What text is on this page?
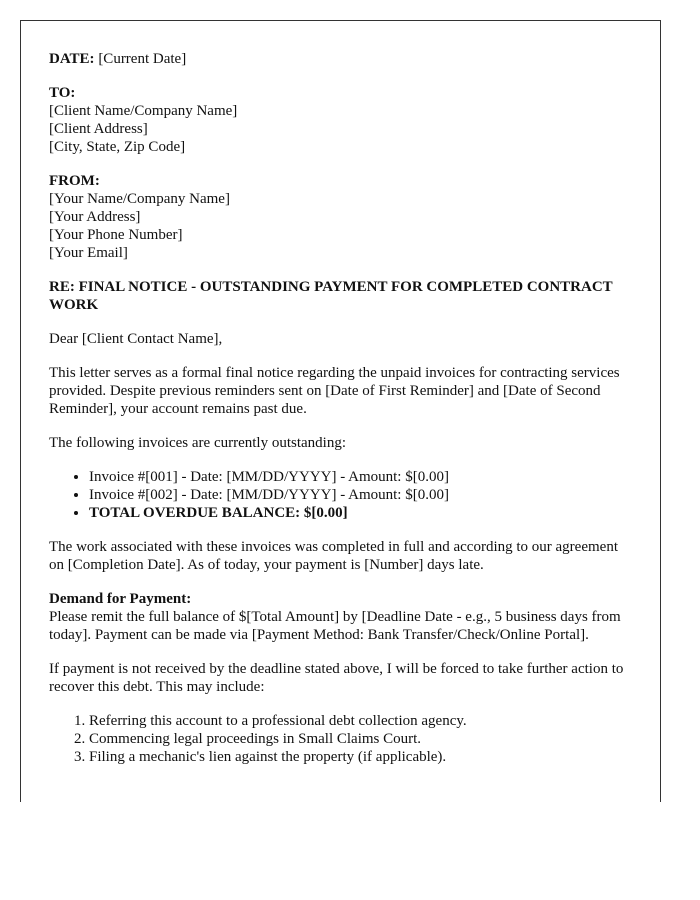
DATE: [Current Date]

TO:
[Client Name/Company Name]
[Client Address]
[City, State, Zip Code]

FROM:
[Your Name/Company Name]
[Your Address]
[Your Phone Number]
[Your Email]

RE: FINAL NOTICE - OUTSTANDING PAYMENT FOR COMPLETED CONTRACT WORK

Dear [Client Contact Name],

This letter serves as a formal final notice regarding the unpaid invoices for contracting services provided. Despite previous reminders sent on [Date of First Reminder] and [Date of Second Reminder], your account remains past due.

The following invoices are currently outstanding:

• Invoice #[001] - Date: [MM/DD/YYYY] - Amount: $[0.00]
• Invoice #[002] - Date: [MM/DD/YYYY] - Amount: $[0.00]
• TOTAL OVERDUE BALANCE: $[0.00]

The work associated with these invoices was completed in full and according to our agreement on [Completion Date]. As of today, your payment is [Number] days late.

Demand for Payment:
Please remit the full balance of $[Total Amount] by [Deadline Date - e.g., 5 business days from today]. Payment can be made via [Payment Method: Bank Transfer/Check/Online Portal].

If payment is not received by the deadline stated above, I will be forced to take further action to recover this debt. This may include:

1. Referring this account to a professional debt collection agency.
2. Commencing legal proceedings in Small Claims Court.
3. Filing a mechanic's lien against the property (if applicable).
